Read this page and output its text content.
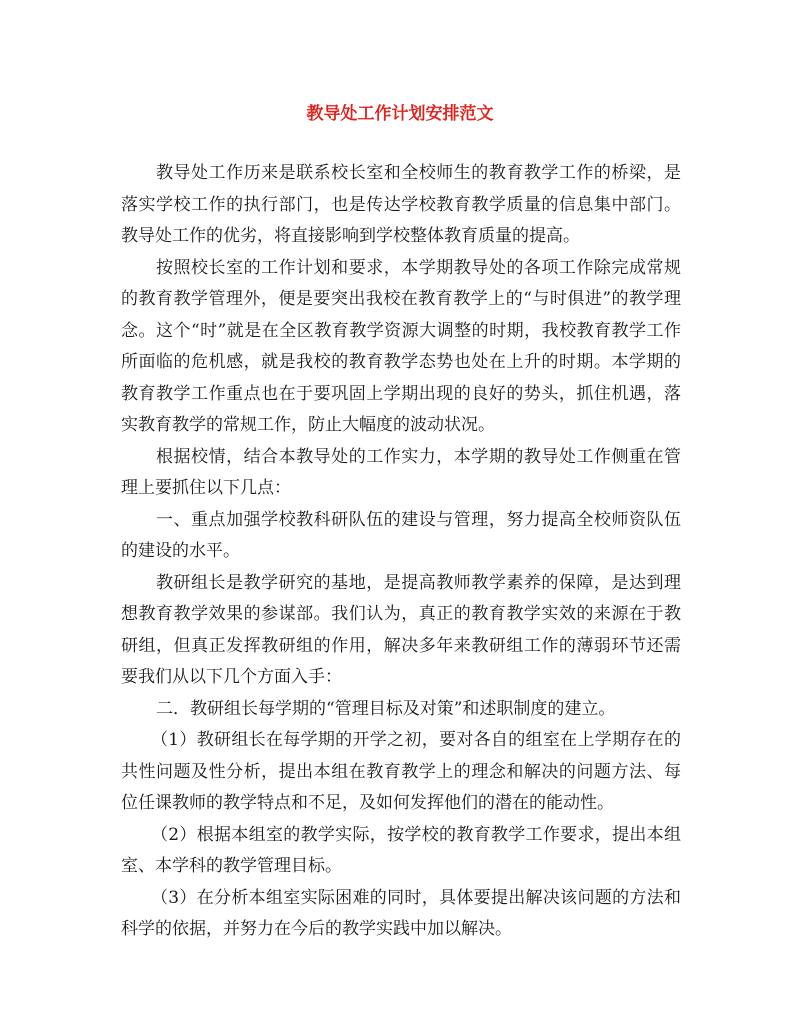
教导处工作计划安排范文

教导处工作历来是联系校长室和全校师生的教育教学工作的桥梁，是落实学校工作的执行部门，也是传达学校教育教学质量的信息集中部门。教导处工作的优劣，将直接影响到学校整体教育质量的提高。

按照校长室的工作计划和要求，本学期教导处的各项工作除完成常规的教育教学管理外，便是要突出我校在教育教学上的“与时俱进”的教学理念。这个“时”就是在全区教育教学资源大调整的时期，我校教育教学工作所面临的危机感，就是我校的教育教学态势也处在上升的时期。本学期的教育教学工作重点也在于要巩固上学期出现的良好的势头，抓住机遇，落实教育教学的常规工作，防止大幅度的波动状况。

根据校情，结合本教导处的工作实力，本学期的教导处工作侧重在管理上要抓住以下几点：

一、重点加强学校教科研队伍的建设与管理，努力提高全校师资队伍的建设的水平。

教研组长是教学研究的基地，是提高教师教学素养的保障，是达到理想教育教学效果的参谋部。我们认为，真正的教育教学实效的来源在于教研组，但真正发挥教研组的作用，解决多年来教研组工作的薄弱环节还需要我们从以下几个方面入手：

二．教研组长每学期的“管理目标及对策”和述职制度的建立。

（1）教研组长在每学期的开学之初，要对各自的组室在上学期存在的共性问题及性分析，提出本组在教育教学上的理念和解决的问题方法、每位任课教师的教学特点和不足，及如何发挥他们的潜在的能动性。

（2）根据本组室的教学实际，按学校的教育教学工作要求，提出本组室、本学科的教学管理目标。

（3）在分析本组室实际困难的同时，具体要提出解决该问题的方法和科学的依据，并努力在今后的教学实践中加以解决。
